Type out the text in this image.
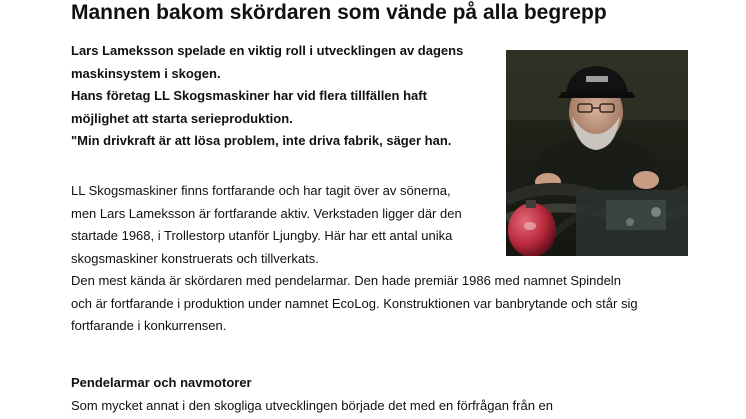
Mannen bakom skördaren som vände på alla begrepp
Lars Lameksson spelade en viktig roll i utvecklingen av dagens
maskinsystem i skogen.
Hans företag LL Skogsmaskiner har vid flera tillfällen haft
möjlighet att starta serieproduktion.
"Min drivkraft är att lösa problem, inte driva fabrik, säger han.
LL Skogsmaskiner finns fortfarande och har tagit över av sönerna,
men Lars Lameksson är fortfarande aktiv. Verkstaden ligger där den
startade 1968, i Trollestorp utanför Ljungby. Här har ett antal unika
skogsmaskiner konstruerats och tillverkats.
Den mest kända är skördaren med pendelarmar. Den hade premiär 1986 med namnet Spindeln
och är fortfarande i produktion under namnet EcoLog. Konstruktionen var banbrytande och står sig
fortfarande i konkurrensen.
Pendelarmar och navmotorer
Som mycket annat i den skogliga utvecklingen började det med en förfrågan från en
